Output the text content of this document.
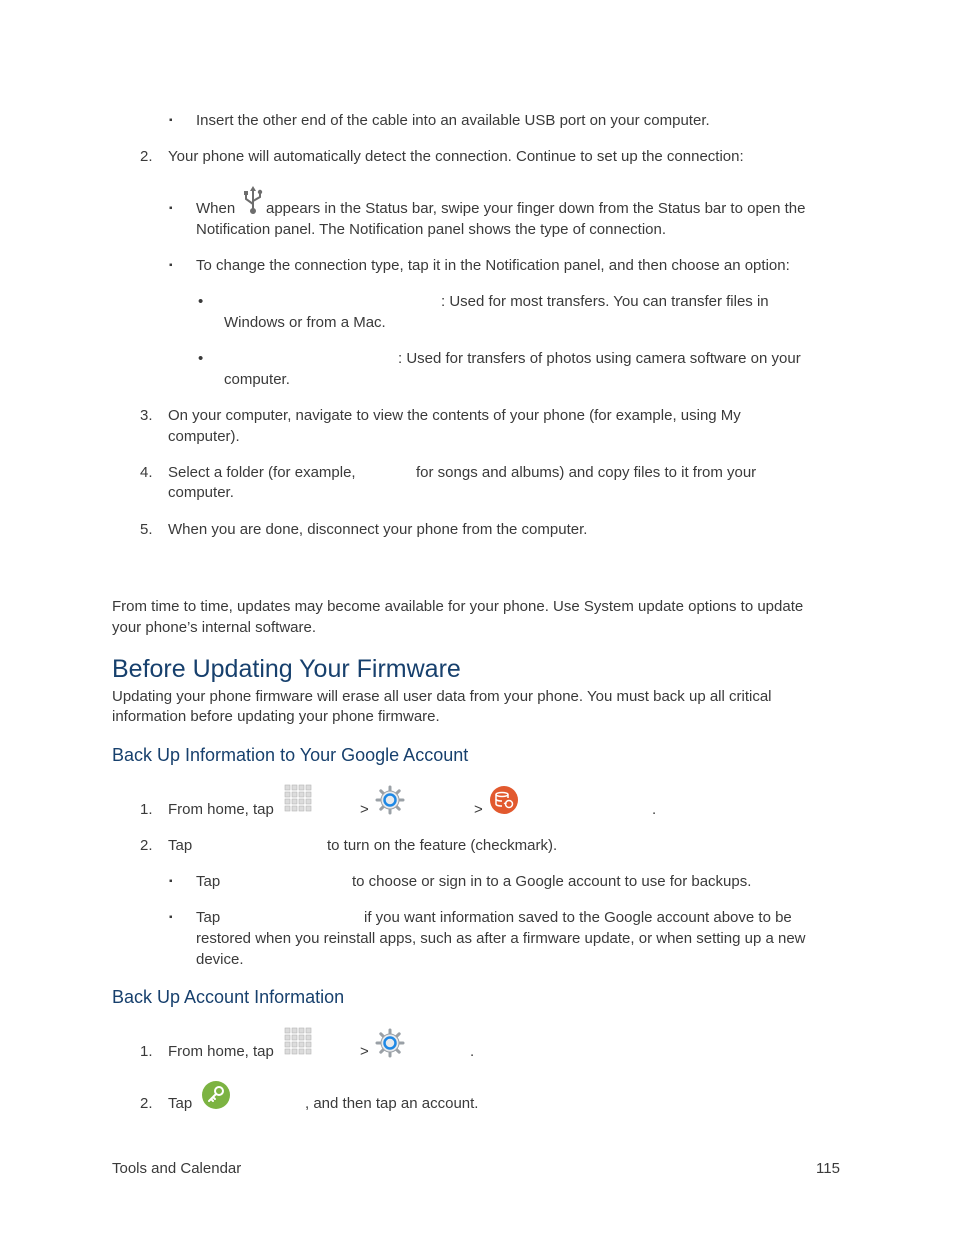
▪ Insert the other end of the cable into an available USB port on your computer.
2. Your phone will automatically detect the connection. Continue to set up the connection:
▪ When appears in the Status bar, swipe your finger down from the Status bar to open the
Notification panel. The Notification panel shows the type of connection.
▪ To change the connection type, tap it in the Notification panel, and then choose an option:
•	: Used for most transfers. You can transfer files in
Windows or from a Mac.
•	: Used for transfers of photos using camera software on your
computer.
3. On your computer, navigate to view the contents of your phone (for example, using My
computer).
4. Select a folder (for example,	for songs and albums) and copy files to it from your
computer.
5. When you are done, disconnect your phone from the computer.
From time to time, updates may become available for your phone. Use System update options to update
your phone’s internal software.
Before Updating Your Firmware
Updating your phone firmware will erase all user data from your phone. You must back up all critical
information before updating your phone firmware.
Back Up Information to Your Google Account
1. From home, tap	>	>	.
2. Tap	to turn on the feature (checkmark).
▪ Tap	to choose or sign in to a Google account to use for backups.
▪ Tap	if you want information saved to the Google account above to be
restored when you reinstall apps, such as after a firmware update, or when setting up a new
device.
Back Up Account Information
1. From home, tap	>	.
2. Tap	, and then tap an account.
Tools and Calendar	115
